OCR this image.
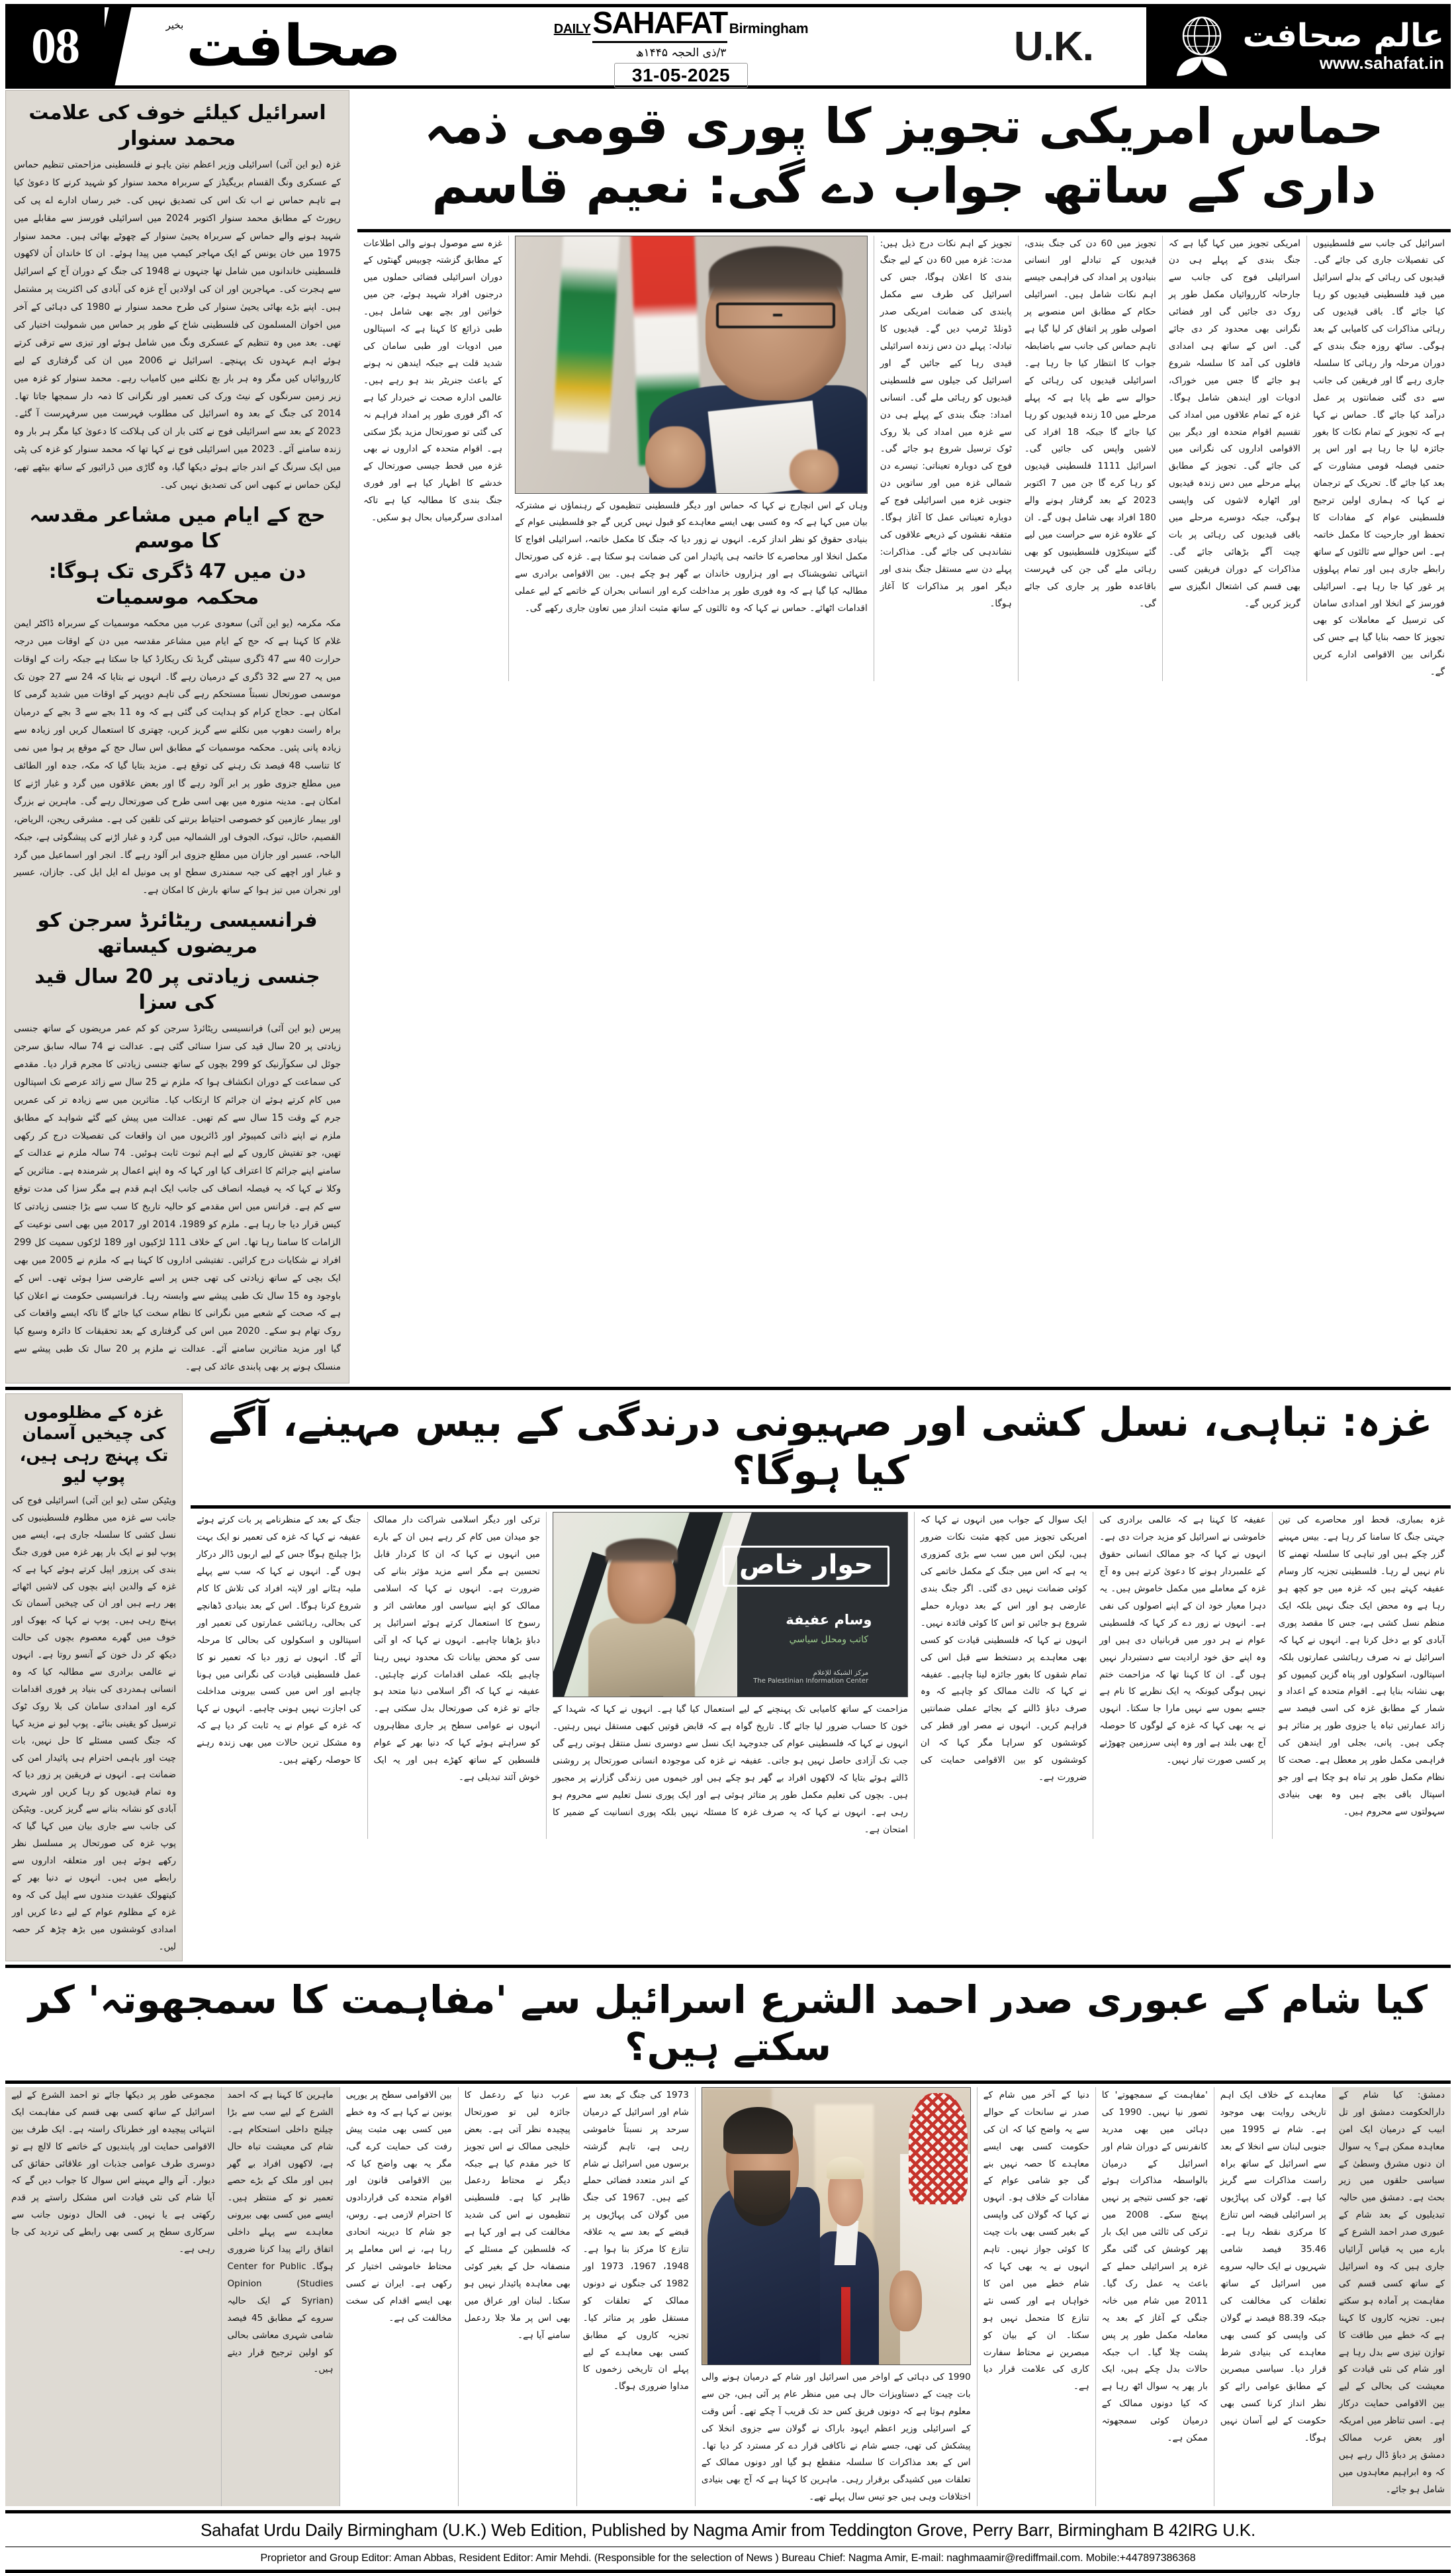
08	صحافت
بخیر	DAILY SAHAFAT Birmingham
۳/ذی الحجہ ۱۴۴۵ھ
31-05-2025
U.K.	عالم صحافت
www.sahafat.in
حماس امریکی تجویز کا پوری قومی ذمہ داری کے ساتھ جواب دے گی: نعیم قاسم
اسرائیل کی جانب سے فلسطینیوں کی تفصیلات جاری کی جائے گی۔ قیدیوں کی رہائی کے بدلے اسرائیل میں قید فلسطینی قیدیوں کو رہا کیا جائے گا۔ باقی قیدیوں کی رہائی مذاکرات کی کامیابی کے بعد ہوگی۔ ساٹھ روزہ جنگ بندی کے دوران مرحلہ وار رہائی کا سلسلہ جاری رہے گا اور فریقین کی جانب سے دی گئی ضمانتوں پر عمل درآمد کیا جائے گا۔ حماس نے کہا ہے کہ تجویز کے تمام نکات کا بغور جائزہ لیا جا رہا ہے اور اس پر حتمی فیصلہ قومی مشاورت کے بعد کیا جائے گا۔ تحریک کے ترجمان نے کہا کہ ہماری اولین ترجیح فلسطینی عوام کے مفادات کا تحفظ اور جارحیت کا مکمل خاتمہ ہے۔ اس حوالے سے ثالثوں کے ساتھ رابطے جاری ہیں اور تمام پہلوؤں پر غور کیا جا رہا ہے۔ اسرائیلی فورسز کے انخلا اور امدادی سامان کی ترسیل کے معاملات کو بھی تجویز کا حصہ بنایا گیا ہے جس کی نگرانی بین الاقوامی ادارے کریں گے۔
امریکی تجویز میں کہا گیا ہے کہ جنگ بندی کے پہلے ہی دن اسرائیلی فوج کی جانب سے جارحانہ کارروائیاں مکمل طور پر روک دی جائیں گی اور فضائی نگرانی بھی محدود کر دی جائے گی۔ اس کے ساتھ ہی امدادی قافلوں کی آمد کا سلسلہ شروع ہو جائے گا جس میں خوراک، ادویات اور ایندھن شامل ہوگا۔ غزہ کے تمام علاقوں میں امداد کی تقسیم اقوام متحدہ اور دیگر بین الاقوامی اداروں کی نگرانی میں کی جائے گی۔ تجویز کے مطابق پہلے مرحلے میں دس زندہ قیدیوں اور اٹھارہ لاشوں کی واپسی ہوگی، جبکہ دوسرے مرحلے میں باقی قیدیوں کی رہائی پر بات چیت آگے بڑھائی جائے گی۔ مذاکرات کے دوران فریقین کسی بھی قسم کی اشتعال انگیزی سے گریز کریں گے۔
تجویز میں 60 دن کی جنگ بندی، قیدیوں کے تبادلے اور انسانی بنیادوں پر امداد کی فراہمی جیسے اہم نکات شامل ہیں۔ اسرائیلی حکام کے مطابق اس منصوبے پر اصولی طور پر اتفاق کر لیا گیا ہے تاہم حماس کی جانب سے باضابطہ جواب کا انتظار کیا جا رہا ہے۔ اسرائیلی قیدیوں کی رہائی کے حوالے سے طے پایا ہے کہ پہلے مرحلے میں 10 زندہ قیدیوں کو رہا کیا جائے گا جبکہ 18 افراد کی لاشیں واپس کی جائیں گی۔ اسرائیل 1111 فلسطینی قیدیوں کو رہا کرے گا جن میں 7 اکتوبر 2023 کے بعد گرفتار ہونے والے 180 افراد بھی شامل ہوں گے۔ ان کے علاوہ غزہ سے حراست میں لیے گئے سینکڑوں فلسطینیوں کو بھی رہائی ملے گی جن کی فہرست باقاعدہ طور پر جاری کی جائے گی۔
تجویز کے اہم نکات درج ذیل ہیں: مدت: غزہ میں 60 دن کے لیے جنگ بندی کا اعلان ہوگا، جس کی اسرائیل کی طرف سے مکمل پابندی کی ضمانت امریکی صدر ڈونلڈ ٹرمپ دیں گے۔ قیدیوں کا تبادلہ: پہلے دن دس زندہ اسرائیلی قیدی رہا کیے جائیں گے اور اسرائیل کی جیلوں سے فلسطینی قیدیوں کو رہائی ملے گی۔ انسانی امداد: جنگ بندی کے پہلے ہی دن سے غزہ میں امداد کی بلا روک ٹوک ترسیل شروع ہو جائے گی۔ فوج کی دوبارہ تعیناتی: تیسرے دن شمالی غزہ میں اور ساتویں دن جنوبی غزہ میں اسرائیلی فوج کے دوبارہ تعیناتی عمل کا آغاز ہوگا۔ متفقہ نقشوں کے ذریعے علاقوں کی نشاندہی کی جائے گی۔ مذاکرات: پہلے دن سے مستقل جنگ بندی اور دیگر امور پر مذاکرات کا آغاز ہوگا۔
وہاں کے اس انچارج نے کہا کہ حماس اور دیگر فلسطینی تنظیموں کے رہنماؤں نے مشترکہ بیان میں کہا ہے کہ وہ کسی بھی ایسے معاہدے کو قبول نہیں کریں گے جو فلسطینی عوام کے بنیادی حقوق کو نظر انداز کرے۔ انہوں نے زور دیا کہ جنگ کا مکمل خاتمہ، اسرائیلی افواج کا مکمل انخلا اور محاصرے کا خاتمہ ہی پائیدار امن کی ضمانت ہو سکتا ہے۔ غزہ کی صورتحال انتہائی تشویشناک ہے اور ہزاروں خاندان بے گھر ہو چکے ہیں۔ بین الاقوامی برادری سے مطالبہ کیا گیا ہے کہ وہ فوری طور پر مداخلت کرے اور انسانی بحران کے خاتمے کے لیے عملی اقدامات اٹھائے۔ حماس نے کہا کہ وہ ثالثوں کے ساتھ مثبت انداز میں تعاون جاری رکھے گی۔
غزہ سے موصول ہونے والی اطلاعات کے مطابق گزشتہ چوبیس گھنٹوں کے دوران اسرائیلی فضائی حملوں میں درجنوں افراد شہید ہوئے، جن میں خواتین اور بچے بھی شامل ہیں۔ طبی ذرائع کا کہنا ہے کہ اسپتالوں میں ادویات اور طبی سامان کی شدید قلت ہے جبکہ ایندھن نہ ہونے کے باعث جنریٹر بند ہو رہے ہیں۔ عالمی ادارہ صحت نے خبردار کیا ہے کہ اگر فوری طور پر امداد فراہم نہ کی گئی تو صورتحال مزید بگڑ سکتی ہے۔ اقوام متحدہ کے اداروں نے بھی غزہ میں قحط جیسی صورتحال کے خدشے کا اظہار کیا ہے اور فوری جنگ بندی کا مطالبہ کیا ہے تاکہ امدادی سرگرمیاں بحال ہو سکیں۔
اسرائیل کیلئے خوف کی علامت محمد سنوار
غزہ (یو این آئی) اسرائیلی وزیر اعظم نیتن یاہو نے فلسطینی مزاحمتی تنظیم حماس کے عسکری ونگ القسام بریگیڈز کے سربراہ محمد سنوار کو شہید کرنے کا دعویٰ کیا ہے تاہم حماس نے اب تک اس کی تصدیق نہیں کی۔ خبر رساں ادارے اے پی کی رپورٹ کے مطابق محمد سنوار اکتوبر 2024 میں اسرائیلی فورسز سے مقابلے میں شہید ہونے والے حماس کے سربراہ یحییٰ سنوار کے چھوٹے بھائی ہیں۔ محمد سنوار 1975 میں خان یونس کے ایک مہاجر کیمپ میں پیدا ہوئے۔ ان کا خاندان اُن لاکھوں فلسطینی خاندانوں میں شامل تھا جنہوں نے 1948 کی جنگ کے دوران آج کے اسرائیل سے ہجرت کی۔ مہاجرین اور ان کی اولادیں آج غزہ کی آبادی کی اکثریت پر مشتمل ہیں۔ اپنے بڑے بھائی یحییٰ سنوار کی طرح محمد سنوار نے 1980 کی دہائی کے آخر میں اخوان المسلمون کی فلسطینی شاخ کے طور پر حماس میں شمولیت اختیار کی تھی۔ بعد میں وہ تنظیم کے عسکری ونگ میں شامل ہوئے اور تیزی سے ترقی کرتے ہوئے اہم عہدوں تک پہنچے۔ اسرائیل نے 2006 میں ان کی گرفتاری کے لیے کارروائیاں کیں مگر وہ ہر بار بچ نکلنے میں کامیاب رہے۔ محمد سنوار کو غزہ میں زیر زمین سرنگوں کے نیٹ ورک کی تعمیر اور نگرانی کا ذمہ دار سمجھا جاتا تھا۔ 2014 کی جنگ کے بعد وہ اسرائیل کی مطلوب فہرست میں سرفہرست آ گئے۔ 2023 کے بعد سے اسرائیلی فوج نے کئی بار ان کی ہلاکت کا دعویٰ کیا مگر ہر بار وہ زندہ سامنے آئے۔ 2023 میں اسرائیلی فوج نے کہا تھا کہ محمد سنوار کو غزہ کی پٹی میں ایک سرنگ کے اندر جاتے ہوئے دیکھا گیا، وہ گاڑی میں ڈرائیور کے ساتھ بیٹھے تھے، لیکن حماس نے کبھی اس کی تصدیق نہیں کی۔
حج کے ایام میں مشاعر مقدسہ کا موسم
دن میں 47 ڈگری تک ہوگا: محکمہ موسمیات
مکہ مکرمہ (یو این آئی) سعودی عرب میں محکمہ موسمیات کے سربراہ ڈاکٹر ایمن غلام کا کہنا ہے کہ حج کے ایام میں مشاعر مقدسہ میں دن کے اوقات میں درجہ حرارت 40 سے 47 ڈگری سینٹی گریڈ تک ریکارڈ کیا جا سکتا ہے جبکہ رات کے اوقات میں یہ 27 سے 32 ڈگری کے درمیان رہے گا۔ انہوں نے بتایا کہ 24 سے 27 جون تک موسمی صورتحال نسبتاً مستحکم رہے گی تاہم دوپہر کے اوقات میں شدید گرمی کا امکان ہے۔ حجاج کرام کو ہدایت کی گئی ہے کہ وہ 11 بجے سے 3 بجے کے درمیان براہ راست دھوپ میں نکلنے سے گریز کریں، چھتری کا استعمال کریں اور زیادہ سے زیادہ پانی پئیں۔ محکمہ موسمیات کے مطابق اس سال حج کے موقع پر ہوا میں نمی کا تناسب 48 فیصد تک رہنے کی توقع ہے۔ مزید بتایا گیا کہ مکہ، جدہ اور الطائف میں مطلع جزوی طور پر ابر آلود رہے گا اور بعض علاقوں میں گرد و غبار اڑنے کا امکان ہے۔ مدینہ منورہ میں بھی اسی طرح کی صورتحال رہے گی۔ ماہرین نے بزرگ اور بیمار عازمین کو خصوصی احتیاط برتنے کی تلقین کی ہے۔ مشرقی ریجن، الریاض، القصیم، حائل، تبوک، الجوف اور الشمالیہ میں گرد و غبار اڑنے کی پیشگوئی ہے، جبکہ الباحہ، عسیر اور جازان میں مطلع جزوی ابر آلود رہے گا۔ انجر اور اسماعیل میں گرد و غبار اور اچھے کی جبہ سمندری سطح او پی مونیل اے ایل ایل کی۔ جازان، عسیر اور نجران میں تیز ہوا کے ساتھ بارش کا امکان ہے۔
فرانسیسی ریٹائرڈ سرجن کو مریضوں کیساتھ
جنسی زیادتی پر 20 سال قید کی سزا
پیرس (یو این آئی) فرانسیسی ریٹائرڈ سرجن کو کم عمر مریضوں کے ساتھ جنسی زیادتی پر 20 سال قید کی سزا سنائی گئی ہے۔ عدالت نے 74 سالہ سابق سرجن جوئل لی سکوآرنیک کو 299 بچوں کے ساتھ جنسی زیادتی کا مجرم قرار دیا۔ مقدمے کی سماعت کے دوران انکشاف ہوا کہ ملزم نے 25 سال سے زائد عرصے تک اسپتالوں میں کام کرتے ہوئے ان جرائم کا ارتکاب کیا۔ متاثرین میں سے زیادہ تر کی عمریں جرم کے وقت 15 سال سے کم تھیں۔ عدالت میں پیش کیے گئے شواہد کے مطابق ملزم نے اپنے ذاتی کمپیوٹر اور ڈائریوں میں ان واقعات کی تفصیلات درج کر رکھی تھیں، جو تفتیش کاروں کے لیے اہم ثبوت ثابت ہوئیں۔ 74 سالہ ملزم نے عدالت کے سامنے اپنے جرائم کا اعتراف کیا اور کہا کہ وہ اپنے اعمال پر شرمندہ ہے۔ متاثرین کے وکلا نے کہا کہ یہ فیصلہ انصاف کی جانب ایک اہم قدم ہے مگر سزا کی مدت توقع سے کم ہے۔ فرانس میں اس مقدمے کو حالیہ تاریخ کا سب سے بڑا جنسی زیادتی کا کیس قرار دیا جا رہا ہے۔ ملزم کو 1989، 2014 اور 2017 میں بھی اسی نوعیت کے الزامات کا سامنا رہا تھا۔ اس کے خلاف 111 لڑکیوں اور 189 لڑکوں سمیت کل 299 افراد نے شکایات درج کرائیں۔ تفتیشی اداروں کا کہنا ہے کہ ملزم نے 2005 میں بھی ایک بچی کے ساتھ زیادتی کی تھی جس پر اسے عارضی سزا ہوئی تھی۔ اس کے باوجود وہ 15 سال تک طبی پیشے سے وابستہ رہا۔ فرانسیسی حکومت نے اعلان کیا ہے کہ صحت کے شعبے میں نگرانی کا نظام سخت کیا جائے گا تاکہ ایسے واقعات کی روک تھام ہو سکے۔ 2020 میں اس کی گرفتاری کے بعد تحقیقات کا دائرہ وسیع کیا گیا اور مزید متاثرین سامنے آئے۔ عدالت نے ملزم پر 20 سال تک طبی پیشے سے منسلک ہونے پر بھی پابندی عائد کی ہے۔
غزہ: تباہی، نسل کشی اور صہیونی درندگی کے بیس مہینے، آگے کیا ہوگا؟
غزہ بمباری، قحط اور محاصرے کی تین جہتی جنگ کا سامنا کر رہا ہے۔ بیس مہینے گزر چکے ہیں اور تباہی کا سلسلہ تھمنے کا نام نہیں لے رہا۔ فلسطینی تجزیہ کار وسام عفیفہ کہتے ہیں کہ غزہ میں جو کچھ ہو رہا ہے وہ محض ایک جنگ نہیں بلکہ ایک منظم نسل کشی ہے، جس کا مقصد پوری آبادی کو بے دخل کرنا ہے۔ انہوں نے کہا کہ اسرائیل نے نہ صرف رہائشی عمارتوں بلکہ اسپتالوں، اسکولوں اور پناہ گزین کیمپوں کو بھی نشانہ بنایا ہے۔ اقوام متحدہ کے اعداد و شمار کے مطابق غزہ کی اسی فیصد سے زائد عمارتیں تباہ یا جزوی طور پر متاثر ہو چکی ہیں۔ پانی، بجلی اور ایندھن کی فراہمی مکمل طور پر معطل ہے۔ صحت کا نظام مکمل طور پر تباہ ہو چکا ہے اور جو اسپتال باقی بچے ہیں وہ بھی بنیادی سہولتوں سے محروم ہیں۔
عفیفہ کا کہنا ہے کہ عالمی برادری کی خاموشی نے اسرائیل کو مزید جرات دی ہے۔ انہوں نے کہا کہ جو ممالک انسانی حقوق کے علمبردار ہونے کا دعویٰ کرتے ہیں وہ آج غزہ کے معاملے میں مکمل خاموش ہیں۔ یہ دہرا معیار خود ان کے اپنے اصولوں کی نفی ہے۔ انہوں نے زور دے کر کہا کہ فلسطینی عوام نے ہر دور میں قربانیاں دی ہیں اور وہ اپنے حق خود ارادیت سے دستبردار نہیں ہوں گے۔ ان کا کہنا تھا کہ مزاحمت ختم نہیں ہوگی کیونکہ یہ ایک نظریے کا نام ہے جسے بموں سے نہیں مارا جا سکتا۔ انہوں نے یہ بھی کہا کہ غزہ کے لوگوں کا حوصلہ آج بھی بلند ہے اور وہ اپنی سرزمین چھوڑنے پر کسی صورت تیار نہیں۔
ایک سوال کے جواب میں انہوں نے کہا کہ امریکی تجویز میں کچھ مثبت نکات ضرور ہیں، لیکن اس میں سب سے بڑی کمزوری یہ ہے کہ اس میں جنگ کے مکمل خاتمے کی کوئی ضمانت نہیں دی گئی۔ اگر جنگ بندی عارضی ہو اور اس کے بعد دوبارہ حملے شروع ہو جائیں تو اس کا کوئی فائدہ نہیں۔ انہوں نے کہا کہ فلسطینی قیادت کو کسی بھی معاہدے پر دستخط سے قبل اس کی تمام شقوں کا بغور جائزہ لینا چاہیے۔ عفیفہ نے کہا کہ ثالث ممالک کو چاہیے کہ وہ صرف دباؤ ڈالنے کے بجائے عملی ضمانتیں فراہم کریں۔ انہوں نے مصر اور قطر کی کوششوں کو سراہا مگر کہا کہ ان کوششوں کو بین الاقوامی حمایت کی ضرورت ہے۔
حوار خاص
وسام عفيفة
كاتب ومحلل سياسي
مركز الشبكة للإعلام
The Palestinian Information Center
مزاحمت کے ساتھ کامیابی تک پہنچنے کے لیے استعمال کیا گیا ہے۔ انہوں نے کہا کہ شہدا کے خون کا حساب ضرور لیا جائے گا۔ تاریخ گواہ ہے کہ قابض قوتیں کبھی مستقل نہیں رہتیں۔ انہوں نے کہا کہ فلسطینی عوام کی جدوجہد ایک نسل سے دوسری نسل منتقل ہوتی رہے گی جب تک آزادی حاصل نہیں ہو جاتی۔ عفیفہ نے غزہ کی موجودہ انسانی صورتحال پر روشنی ڈالتے ہوئے بتایا کہ لاکھوں افراد بے گھر ہو چکے ہیں اور خیموں میں زندگی گزارنے پر مجبور ہیں۔ بچوں کی تعلیم مکمل طور پر متاثر ہوئی ہے اور ایک پوری نسل تعلیم سے محروم ہو رہی ہے۔ انہوں نے کہا کہ یہ صرف غزہ کا مسئلہ نہیں بلکہ پوری انسانیت کے ضمیر کا امتحان ہے۔
ترکی اور دیگر اسلامی شراکت دار ممالک جو میدان میں کام کر رہے ہیں ان کے بارے میں انہوں نے کہا کہ ان کا کردار قابل تحسین ہے مگر اسے مزید مؤثر بنانے کی ضرورت ہے۔ انہوں نے کہا کہ اسلامی ممالک کو اپنے سیاسی اور معاشی اثر و رسوخ کا استعمال کرتے ہوئے اسرائیل پر دباؤ بڑھانا چاہیے۔ انہوں نے کہا کہ او آئی سی کو محض بیانات تک محدود نہیں رہنا چاہیے بلکہ عملی اقدامات کرنے چاہئیں۔ عفیفہ نے کہا کہ اگر اسلامی دنیا متحد ہو جائے تو غزہ کی صورتحال بدل سکتی ہے۔ انہوں نے عوامی سطح پر جاری مظاہروں کو سراہتے ہوئے کہا کہ دنیا بھر کے عوام فلسطین کے ساتھ کھڑے ہیں اور یہ ایک خوش آئند تبدیلی ہے۔
جنگ کے بعد کے منظرنامے پر بات کرتے ہوئے عفیفہ نے کہا کہ غزہ کی تعمیر نو ایک بہت بڑا چیلنج ہوگا جس کے لیے اربوں ڈالر درکار ہوں گے۔ انہوں نے کہا کہ سب سے پہلے ملبہ ہٹانے اور لاپتہ افراد کی تلاش کا کام شروع کرنا ہوگا۔ اس کے بعد بنیادی ڈھانچے کی بحالی، رہائشی عمارتوں کی تعمیر اور اسپتالوں و اسکولوں کی بحالی کا مرحلہ آئے گا۔ انہوں نے زور دیا کہ تعمیر نو کا عمل فلسطینی قیادت کی نگرانی میں ہونا چاہیے اور اس میں کسی بیرونی مداخلت کی اجازت نہیں ہونی چاہیے۔ انہوں نے کہا کہ غزہ کے عوام نے یہ ثابت کر دیا ہے کہ وہ مشکل ترین حالات میں بھی زندہ رہنے کا حوصلہ رکھتے ہیں۔
غزہ کے مظلوموں کی چیخیں آسمان تک پہنچ رہی ہیں، پوپ لیو
ویٹیکن سٹی (یو این آئی) اسرائیلی فوج کی جانب سے غزہ میں مظلوم فلسطینیوں کی نسل کشی کا سلسلہ جاری ہے، ایسے میں پوپ لیو نے ایک بار پھر غزہ میں فوری جنگ بندی کی پرزور اپیل کرتے ہوئے کہا ہے کہ غزہ کے والدین اپنے بچوں کی لاشیں اٹھائے پھر رہے ہیں اور ان کی چیخیں آسمان تک پہنچ رہی ہیں۔ پوپ نے کہا کہ بھوک اور خوف میں گھرے معصوم بچوں کی حالت دیکھ کر دل خون کے آنسو روتا ہے۔ انہوں نے عالمی برادری سے مطالبہ کیا کہ وہ انسانی ہمدردی کی بنیاد پر فوری اقدامات کرے اور امدادی سامان کی بلا روک ٹوک ترسیل کو یقینی بنائے۔ پوپ لیو نے مزید کہا کہ جنگ کسی مسئلے کا حل نہیں، بات چیت اور باہمی احترام ہی پائیدار امن کی ضمانت ہے۔ انہوں نے فریقین پر زور دیا کہ وہ تمام قیدیوں کو رہا کریں اور شہری آبادی کو نشانہ بنانے سے گریز کریں۔ ویٹیکن کی جانب سے جاری بیان میں کہا گیا کہ پوپ غزہ کی صورتحال پر مسلسل نظر رکھے ہوئے ہیں اور متعلقہ اداروں سے رابطے میں ہیں۔ انہوں نے دنیا بھر کے کیتھولک عقیدت مندوں سے اپیل کی کہ وہ غزہ کے مظلوم عوام کے لیے دعا کریں اور امدادی کوششوں میں بڑھ چڑھ کر حصہ لیں۔
کیا شام کے عبوری صدر احمد الشرع اسرائیل سے 'مفاہمت کا سمجھوتہ' کر سکتے ہیں؟
دمشق: کیا شام کے دارالحکومت دمشق اور تل ابیب کے درمیان ایک امن معاہدہ ممکن ہے؟ یہ سوال ان دنوں مشرق وسطیٰ کے سیاسی حلقوں میں زیر بحث ہے۔ دمشق میں حالیہ تبدیلیوں کے بعد شام کے عبوری صدر احمد الشرع کے بارے میں یہ قیاس آرائیاں جاری ہیں کہ وہ اسرائیل کے ساتھ کسی قسم کی مفاہمت پر آمادہ ہو سکتے ہیں۔ تجزیہ کاروں کا کہنا ہے کہ خطے میں طاقت کا توازن تیزی سے بدل رہا ہے اور شام کی نئی قیادت کو معیشت کی بحالی کے لیے بین الاقوامی حمایت درکار ہے۔ اسی تناظر میں امریکہ اور بعض عرب ممالک دمشق پر دباؤ ڈال رہے ہیں کہ وہ ابراہیم معاہدوں میں شامل ہو جائے۔
معاہدے کے خلاف ایک اہم تاریخی روایت بھی موجود ہے۔ شام نے 1995 میں جنوبی لبنان سے انخلا کے بعد سے اسرائیل کے ساتھ براہ راست مذاکرات سے گریز کیا ہے۔ گولان کی پہاڑیوں پر اسرائیلی قبضہ اس تنازع کا مرکزی نقطہ رہا ہے۔ 35.46 فیصد شامی شہریوں نے ایک حالیہ سروے میں اسرائیل کے ساتھ تعلقات کی مخالفت کی جبکہ 88.39 فیصد نے گولان کی واپسی کو کسی بھی معاہدے کی بنیادی شرط قرار دیا۔ سیاسی مبصرین کے مطابق عوامی رائے کو نظر انداز کرنا کسی بھی حکومت کے لیے آسان نہیں ہوگا۔
'مفاہمت کے سمجھوتے' کا تصور نیا نہیں۔ 1990 کی دہائی میں بھی مدرید کانفرنس کے دوران شام اور اسرائیل کے درمیان بالواسطہ مذاکرات ہوئے تھے، جو کسی نتیجے پر نہیں پہنچ سکے۔ 2008 میں ترکی کی ثالثی میں ایک بار پھر کوشش کی گئی مگر غزہ پر اسرائیلی حملے کے باعث یہ عمل رک گیا۔ 2011 میں شام میں خانہ جنگی کے آغاز کے بعد یہ معاملہ مکمل طور پر پس پشت چلا گیا۔ اب جبکہ حالات بدل چکے ہیں، ایک بار پھر یہ سوال اٹھ رہا ہے کہ کیا دونوں ممالک کے درمیان کوئی سمجھوتہ ممکن ہے۔
دنیا کے آخر میں شام کے صدر نے سانحات کے حوالے سے یہ واضح کیا کہ ان کی حکومت کسی بھی ایسے معاہدے کا حصہ نہیں بنے گی جو شامی عوام کے مفادات کے خلاف ہو۔ انہوں نے کہا کہ گولان کی واپسی کے بغیر کسی بھی بات چیت کا کوئی جواز نہیں۔ تاہم انہوں نے یہ بھی کہا کہ شام خطے میں امن کا خواہاں ہے اور کسی نئے تنازع کا متحمل نہیں ہو سکتا۔ ان کے بیان کو مبصرین نے محتاط سفارت کاری کی علامت قرار دیا ہے۔
1990 کی دہائی کے اواخر میں اسرائیل اور شام کے درمیان ہونے والی بات چیت کے دستاویزات حال ہی میں منظر عام پر آئی ہیں، جن سے معلوم ہوتا ہے کہ دونوں فریق کس حد تک قریب آ چکے تھے۔ اُس وقت کے اسرائیلی وزیر اعظم ایہود باراک نے گولان سے جزوی انخلا کی پیشکش کی تھی، جسے شام نے ناکافی قرار دے کر مسترد کر دیا تھا۔ اس کے بعد مذاکرات کا سلسلہ منقطع ہو گیا اور دونوں ممالک کے تعلقات میں کشیدگی برقرار رہی۔ ماہرین کا کہنا ہے کہ آج بھی بنیادی اختلافات وہی ہیں جو تیس سال پہلے تھے۔
1973 کی جنگ کے بعد سے شام اور اسرائیل کے درمیان سرحد پر نسبتاً خاموشی رہی ہے، تاہم گزشتہ برسوں میں اسرائیل نے شام کے اندر متعدد فضائی حملے کیے ہیں۔ 1967 کی جنگ میں گولان کی پہاڑیوں پر قبضے کے بعد سے یہ علاقہ تنازع کا مرکز بنا ہوا ہے۔ 1948، 1967، 1973 اور 1982 کی جنگوں نے دونوں ممالک کے تعلقات کو مستقل طور پر متاثر کیا۔ تجزیہ کاروں کے مطابق کسی بھی معاہدے کے لیے پہلے ان تاریخی زخموں کا مداوا ضروری ہوگا۔
عرب دنیا کے ردعمل کا جائزہ لیں تو صورتحال پیچیدہ نظر آتی ہے۔ بعض خلیجی ممالک نے اس تجویز کا خیر مقدم کیا ہے جبکہ دیگر نے محتاط ردعمل ظاہر کیا ہے۔ فلسطینی تنظیموں نے اس کی شدید مخالفت کی ہے اور کہا ہے کہ فلسطین کے مسئلے کے منصفانہ حل کے بغیر کوئی بھی معاہدہ پائیدار نہیں ہو سکتا۔ لبنان اور عراق میں بھی اس پر ملا جلا ردعمل سامنے آیا ہے۔
بین الاقوامی سطح پر یورپی یونین نے کہا ہے کہ وہ خطے میں کسی بھی مثبت پیش رفت کی حمایت کرے گی، مگر یہ بھی واضح کیا کہ بین الاقوامی قانون اور اقوام متحدہ کی قراردادوں کا احترام لازمی ہے۔ روس، جو شام کا دیرینہ اتحادی رہا ہے، نے اس معاملے پر محتاط خاموشی اختیار کر رکھی ہے۔ ایران نے کسی بھی ایسے اقدام کی سخت مخالفت کی ہے۔
ماہرین کا کہنا ہے کہ احمد الشرع کے لیے سب سے بڑا چیلنج داخلی استحکام ہے۔ شام کی معیشت تباہ حال ہے، لاکھوں افراد بے گھر ہیں اور ملک کے بڑے حصے تعمیر نو کے منتظر ہیں۔ ایسے میں کسی بھی بیرونی معاہدے سے پہلے داخلی اتفاق رائے پیدا کرنا ضروری ہوگا۔ Center for Public Opinion (Studies Syrian) کے ایک حالیہ سروے کے مطابق 45 فیصد شامی شہری معاشی بحالی کو اولین ترجیح قرار دیتے ہیں۔
مجموعی طور پر دیکھا جائے تو احمد الشرع کے لیے اسرائیل کے ساتھ کسی بھی قسم کی مفاہمت ایک انتہائی پیچیدہ اور خطرناک راستہ ہے۔ ایک طرف بین الاقوامی حمایت اور پابندیوں کے خاتمے کا لالچ ہے تو دوسری طرف عوامی جذبات اور علاقائی حقائق کی دیوار۔ آنے والے مہینے اس سوال کا جواب دیں گے کہ آیا شام کی نئی قیادت اس مشکل راستے پر قدم رکھتی ہے یا نہیں۔ فی الحال دونوں جانب سے سرکاری سطح پر کسی بھی رابطے کی تردید کی جا رہی ہے۔
Sahafat Urdu Daily Birmingham (U.K.) Web Edition, Published by Nagma Amir from Teddington Grove, Perry Barr, Birmingham B 42IRG U.K.
Proprietor and Group Editor: Aman Abbas, Resident Editor: Amir Mehdi. (Responsible for the selection of News ) Bureau Chief: Nagma Amir, E-mail: naghmaamir@rediffmail.com. Mobile:+447897386368
